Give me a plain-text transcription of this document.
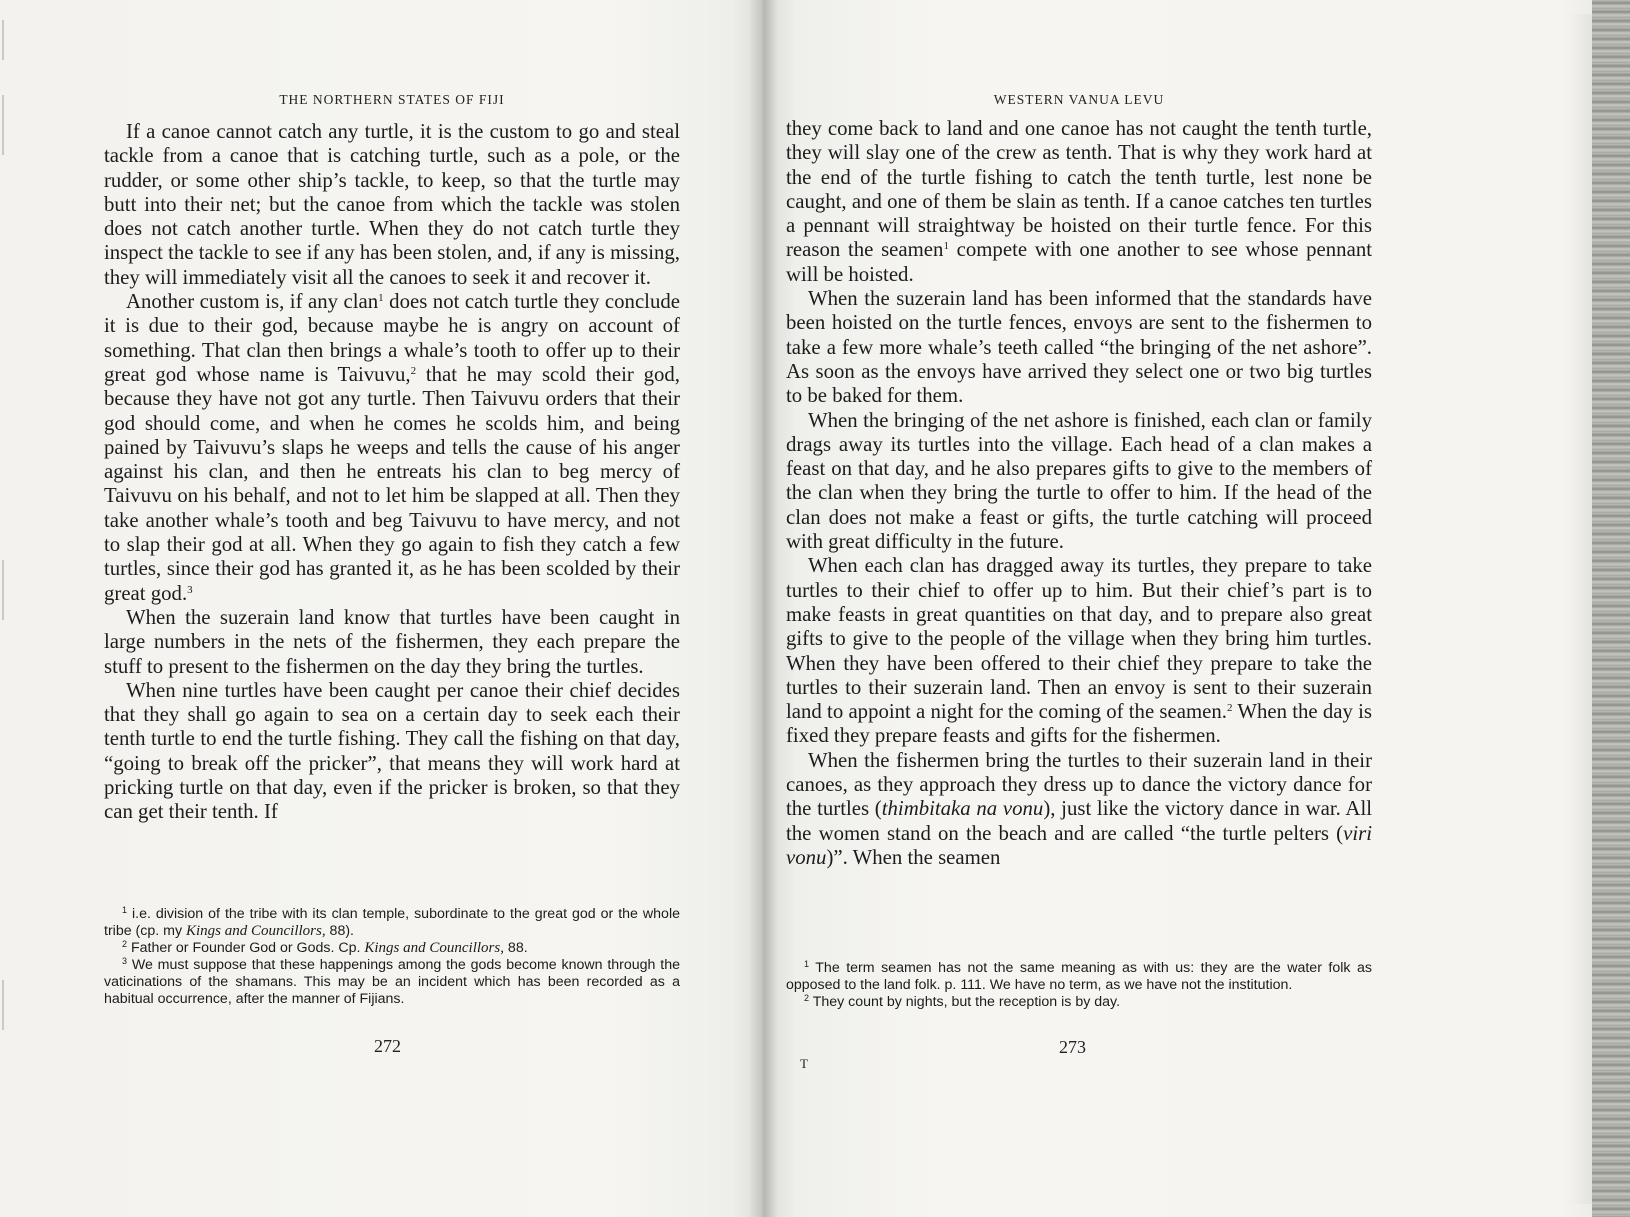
THE NORTHERN STATES OF FIJI

If a canoe cannot catch any turtle, it is the custom to go and steal tackle from a canoe that is catching turtle, such as a pole, or the rudder, or some other ship’s tackle, to keep, so that the turtle may butt into their net; but the canoe from which the tackle was stolen does not catch another turtle. When they do not catch turtle they inspect the tackle to see if any has been stolen, and, if any is missing, they will immediately visit all the canoes to seek it and recover it.

Another custom is, if any clan$^1$ does not catch turtle they conclude it is due to their god, because maybe he is angry on account of something. That clan then brings a whale’s tooth to offer up to their great god whose name is Taivuvu,$^2$ that he may scold their god, because they have not got any turtle. Then Taivuvu orders that their god should come, and when he comes he scolds him, and being pained by Taivuvu’s slaps he weeps and tells the cause of his anger against his clan, and then he entreats his clan to beg mercy of Taivuvu on his behalf, and not to let him be slapped at all. Then they take another whale’s tooth and beg Taivuvu to have mercy, and not to slap their god at all. When they go again to fish they catch a few turtles, since their god has granted it, as he has been scolded by their great god.$^3$

When the suzerain land know that turtles have been caught in large numbers in the nets of the fishermen, they each prepare the stuff to present to the fishermen on the day they bring the turtles.

When nine turtles have been caught per canoe their chief decides that they shall go again to sea on a certain day to seek each their tenth turtle to end the turtle fishing. They call the fishing on that day, “going to break off the pricker”, that means they will work hard at pricking turtle on that day, even if the pricker is broken, so that they can get their tenth. If

$^1$ i.e. division of the tribe with its clan temple, subordinate to the great god or the whole tribe (cp. my Kings and Councillors, 88).

$^2$ Father or Founder God or Gods. Cp. Kings and Councillors, 88.

$^3$ We must suppose that these happenings among the gods become known through the vaticinations of the shamans. This may be an incident which has been recorded as a habitual occurrence, after the manner of Fijians.

272
WESTERN VANUA LEVU

they come back to land and one canoe has not caught the tenth turtle, they will slay one of the crew as tenth. That is why they work hard at the end of the turtle fishing to catch the tenth turtle, lest none be caught, and one of them be slain as tenth. If a canoe catches ten turtles a pennant will straightway be hoisted on their turtle fence. For this reason the seamen$^1$ compete with one another to see whose pennant will be hoisted.

When the suzerain land has been informed that the standards have been hoisted on the turtle fences, envoys are sent to the fishermen to take a few more whale’s teeth called “the bringing of the net ashore”. As soon as the envoys have arrived they select one or two big turtles to be baked for them.

When the bringing of the net ashore is finished, each clan or family drags away its turtles into the village. Each head of a clan makes a feast on that day, and he also prepares gifts to give to the members of the clan when they bring the turtle to offer to him. If the head of the clan does not make a feast or gifts, the turtle catching will proceed with great difficulty in the future.

When each clan has dragged away its turtles, they prepare to take turtles to their chief to offer up to him. But their chief’s part is to make feasts in great quantities on that day, and to prepare also great gifts to give to the people of the village when they bring him turtles. When they have been offered to their chief they prepare to take the turtles to their suzerain land. Then an envoy is sent to their suzerain land to appoint a night for the coming of the seamen.$^2$ When the day is fixed they prepare feasts and gifts for the fishermen.

When the fishermen bring the turtles to their suzerain land in their canoes, as they approach they dress up to dance the victory dance for the turtles (thimbitaka na vonu), just like the victory dance in war. All the women stand on the beach and are called “the turtle pelters (viri vonu)”. When the seamen

$^1$ The term seamen has not the same meaning as with us: they are the water folk as opposed to the land folk. p. 111. We have no term, as we have not the institution.

$^2$ They count by nights, but the reception is by day.

273
T
